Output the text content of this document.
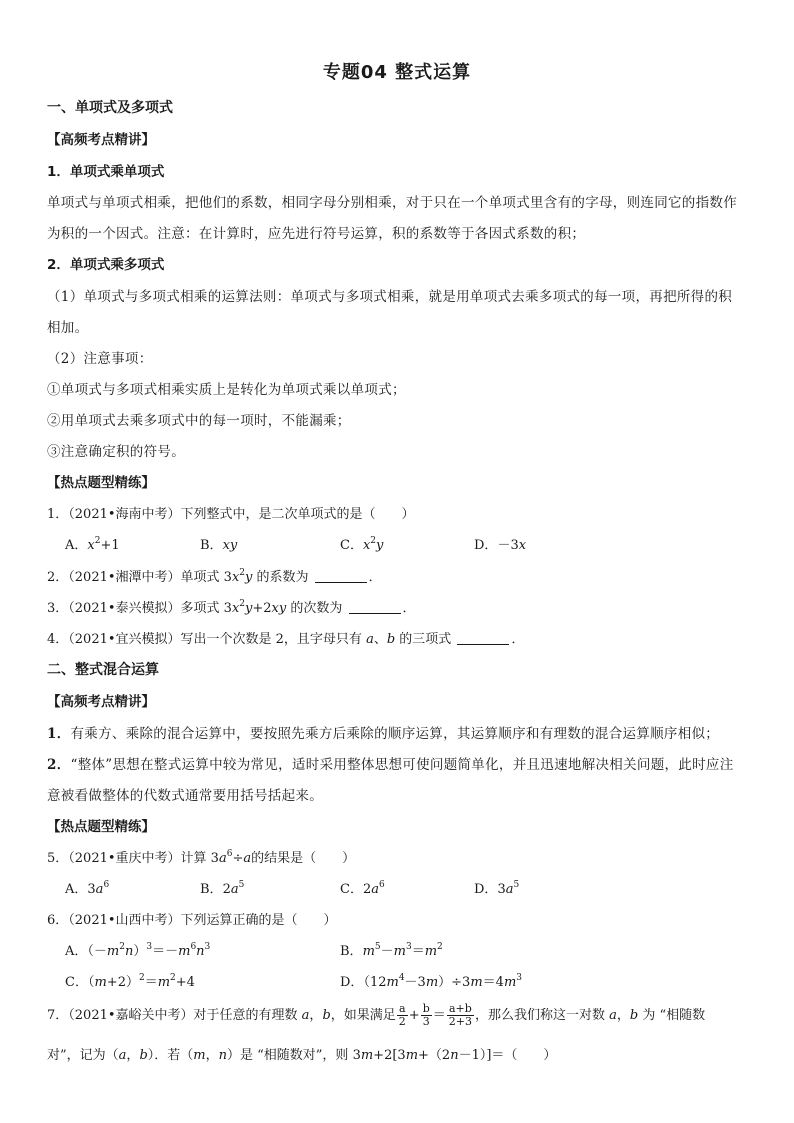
专题04 整式运算
一、单项式及多项式
【高频考点精讲】
1．单项式乘单项式
单项式与单项式相乘，把他们的系数，相同字母分别相乘，对于只在一个单项式里含有的字母，则连同它的指数作
为积的一个因式。注意：在计算时，应先进行符号运算，积的系数等于各因式系数的积；
2．单项式乘多项式
（1）单项式与多项式相乘的运算法则：单项式与多项式相乘，就是用单项式去乘多项式的每一项，再把所得的积
相加。
（2）注意事项：
①单项式与多项式相乘实质上是转化为单项式乘以单项式；
②用单项式去乘多项式中的每一项时，不能漏乘；
③注意确定积的符号。
【热点题型精练】
1．（2021•海南中考）下列整式中，是二次单项式的是（　　）
A．$x^2+1$	B．xy	C．$x^2y$	D．－3x
2．（2021•湘潭中考）单项式 $3x^2y$ 的系数为	．
3．（2021•泰兴模拟）多项式 $3x^2y+2xy$ 的次数为	．
4．（2021•宜兴模拟）写出一个次数是 2，且字母只有 a、b 的三项式	．
二、整式混合运算
【高频考点精讲】
1．有乘方、乘除的混合运算中，要按照先乘方后乘除的顺序运算，其运算顺序和有理数的混合运算顺序相似；
2．“整体”思想在整式运算中较为常见，适时采用整体思想可使问题简单化，并且迅速地解决相关问题，此时应注
意被看做整体的代数式通常要用括号括起来。
【热点题型精练】
5．（2021•重庆中考）计算 $3a^6\div a$的结果是（　　）
A．$3a^6$	B．$2a^5$	C．$2a^6$	D．$3a^5$
6．（2021•山西中考）下列运算正确的是（　　）
A．$(-m^2n)^3=-m^6n^3$	B．$m^5-m^3=m^2$
C．$(m+2)^2=m^2+4$	D．$(12m^4-3m)\div 3m=4m^3$
7．（2021•嘉峪关中考）对于任意的有理数 a，b，如果满足 $\frac{a}{2} + \frac{b}{3} = \frac{a+b}{2+3}$ ，那么我们称这一对数 a，b 为 “相随数
对”，记为（a，b）．若（m，n）是 “相随数对”，则 3m+2[3m+（2n－1）]＝（　　）
